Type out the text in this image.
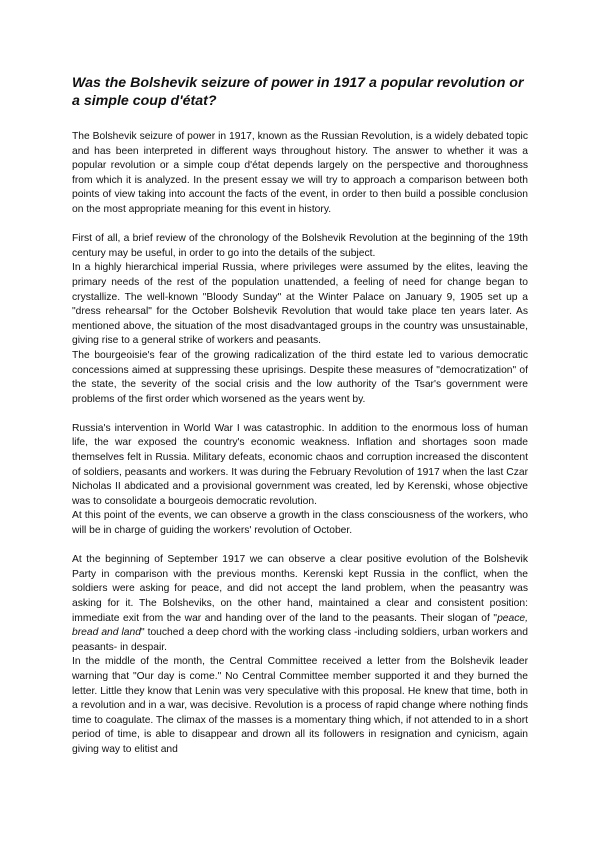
Was the Bolshevik seizure of power in 1917 a popular revolution or a simple coup d'état?

The Bolshevik seizure of power in 1917, known as the Russian Revolution, is a widely debated topic and has been interpreted in different ways throughout history. The answer to whether it was a popular revolution or a simple coup d'état depends largely on the perspective and thoroughness from which it is analyzed. In the present essay we will try to approach a comparison between both points of view taking into account the facts of the event, in order to then build a possible conclusion on the most appropriate meaning for this event in history.

First of all, a brief review of the chronology of the Bolshevik Revolution at the beginning of the 19th century may be useful, in order to go into the details of the subject.

In a highly hierarchical imperial Russia, where privileges were assumed by the elites, leaving the primary needs of the rest of the population unattended, a feeling of need for change began to crystallize. The well-known "Bloody Sunday" at the Winter Palace on January 9, 1905 set up a "dress rehearsal" for the October Bolshevik Revolution that would take place ten years later. As mentioned above, the situation of the most disadvantaged groups in the country was unsustainable, giving rise to a general strike of workers and peasants.

The bourgeoisie's fear of the growing radicalization of the third estate led to various democratic concessions aimed at suppressing these uprisings. Despite these measures of "democratization" of the state, the severity of the social crisis and the low authority of the Tsar's government were problems of the first order which worsened as the years went by.

Russia's intervention in World War I was catastrophic. In addition to the enormous loss of human life, the war exposed the country's economic weakness. Inflation and shortages soon made themselves felt in Russia. Military defeats, economic chaos and corruption increased the discontent of soldiers, peasants and workers. It was during the February Revolution of 1917 when the last Czar Nicholas II abdicated and a provisional government was created, led by Kerenski, whose objective was to consolidate a bourgeois democratic revolution.

At this point of the events, we can observe a growth in the class consciousness of the workers, who will be in charge of guiding the workers' revolution of October.

At the beginning of September 1917 we can observe a clear positive evolution of the Bolshevik Party in comparison with the previous months. Kerenski kept Russia in the conflict, when the soldiers were asking for peace, and did not accept the land problem, when the peasantry was asking for it. The Bolsheviks, on the other hand, maintained a clear and consistent position: immediate exit from the war and handing over of the land to the peasants. Their slogan of "peace, bread and land" touched a deep chord with the working class -including soldiers, urban workers and peasants- in despair.

In the middle of the month, the Central Committee received a letter from the Bolshevik leader warning that "Our day is come." No Central Committee member supported it and they burned the letter. Little they know that Lenin was very speculative with this proposal. He knew that time, both in a revolution and in a war, was decisive. Revolution is a process of rapid change where nothing finds time to coagulate. The climax of the masses is a momentary thing which, if not attended to in a short period of time, is able to disappear and drown all its followers in resignation and cynicism, again giving way to elitist and
